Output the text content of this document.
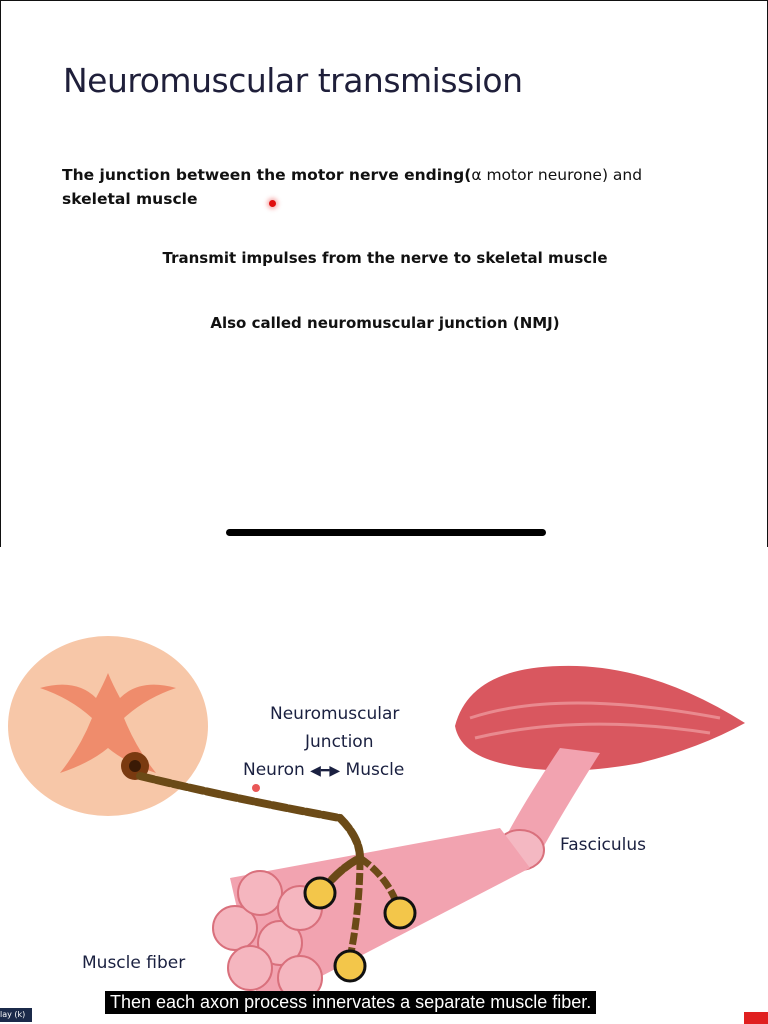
Neuromuscular transmission
The junction between the motor nerve ending(α motor neurone) and
skeletal muscle
Transmit impulses from the nerve to skeletal muscle
Also called neuromuscular junction (NMJ)
Neuromuscular
Junction
Neuron ◀━▶ Muscle
Fasciculus
Muscle fiber
Then each axon process innervates a separate muscle fiber.
lay (k)
